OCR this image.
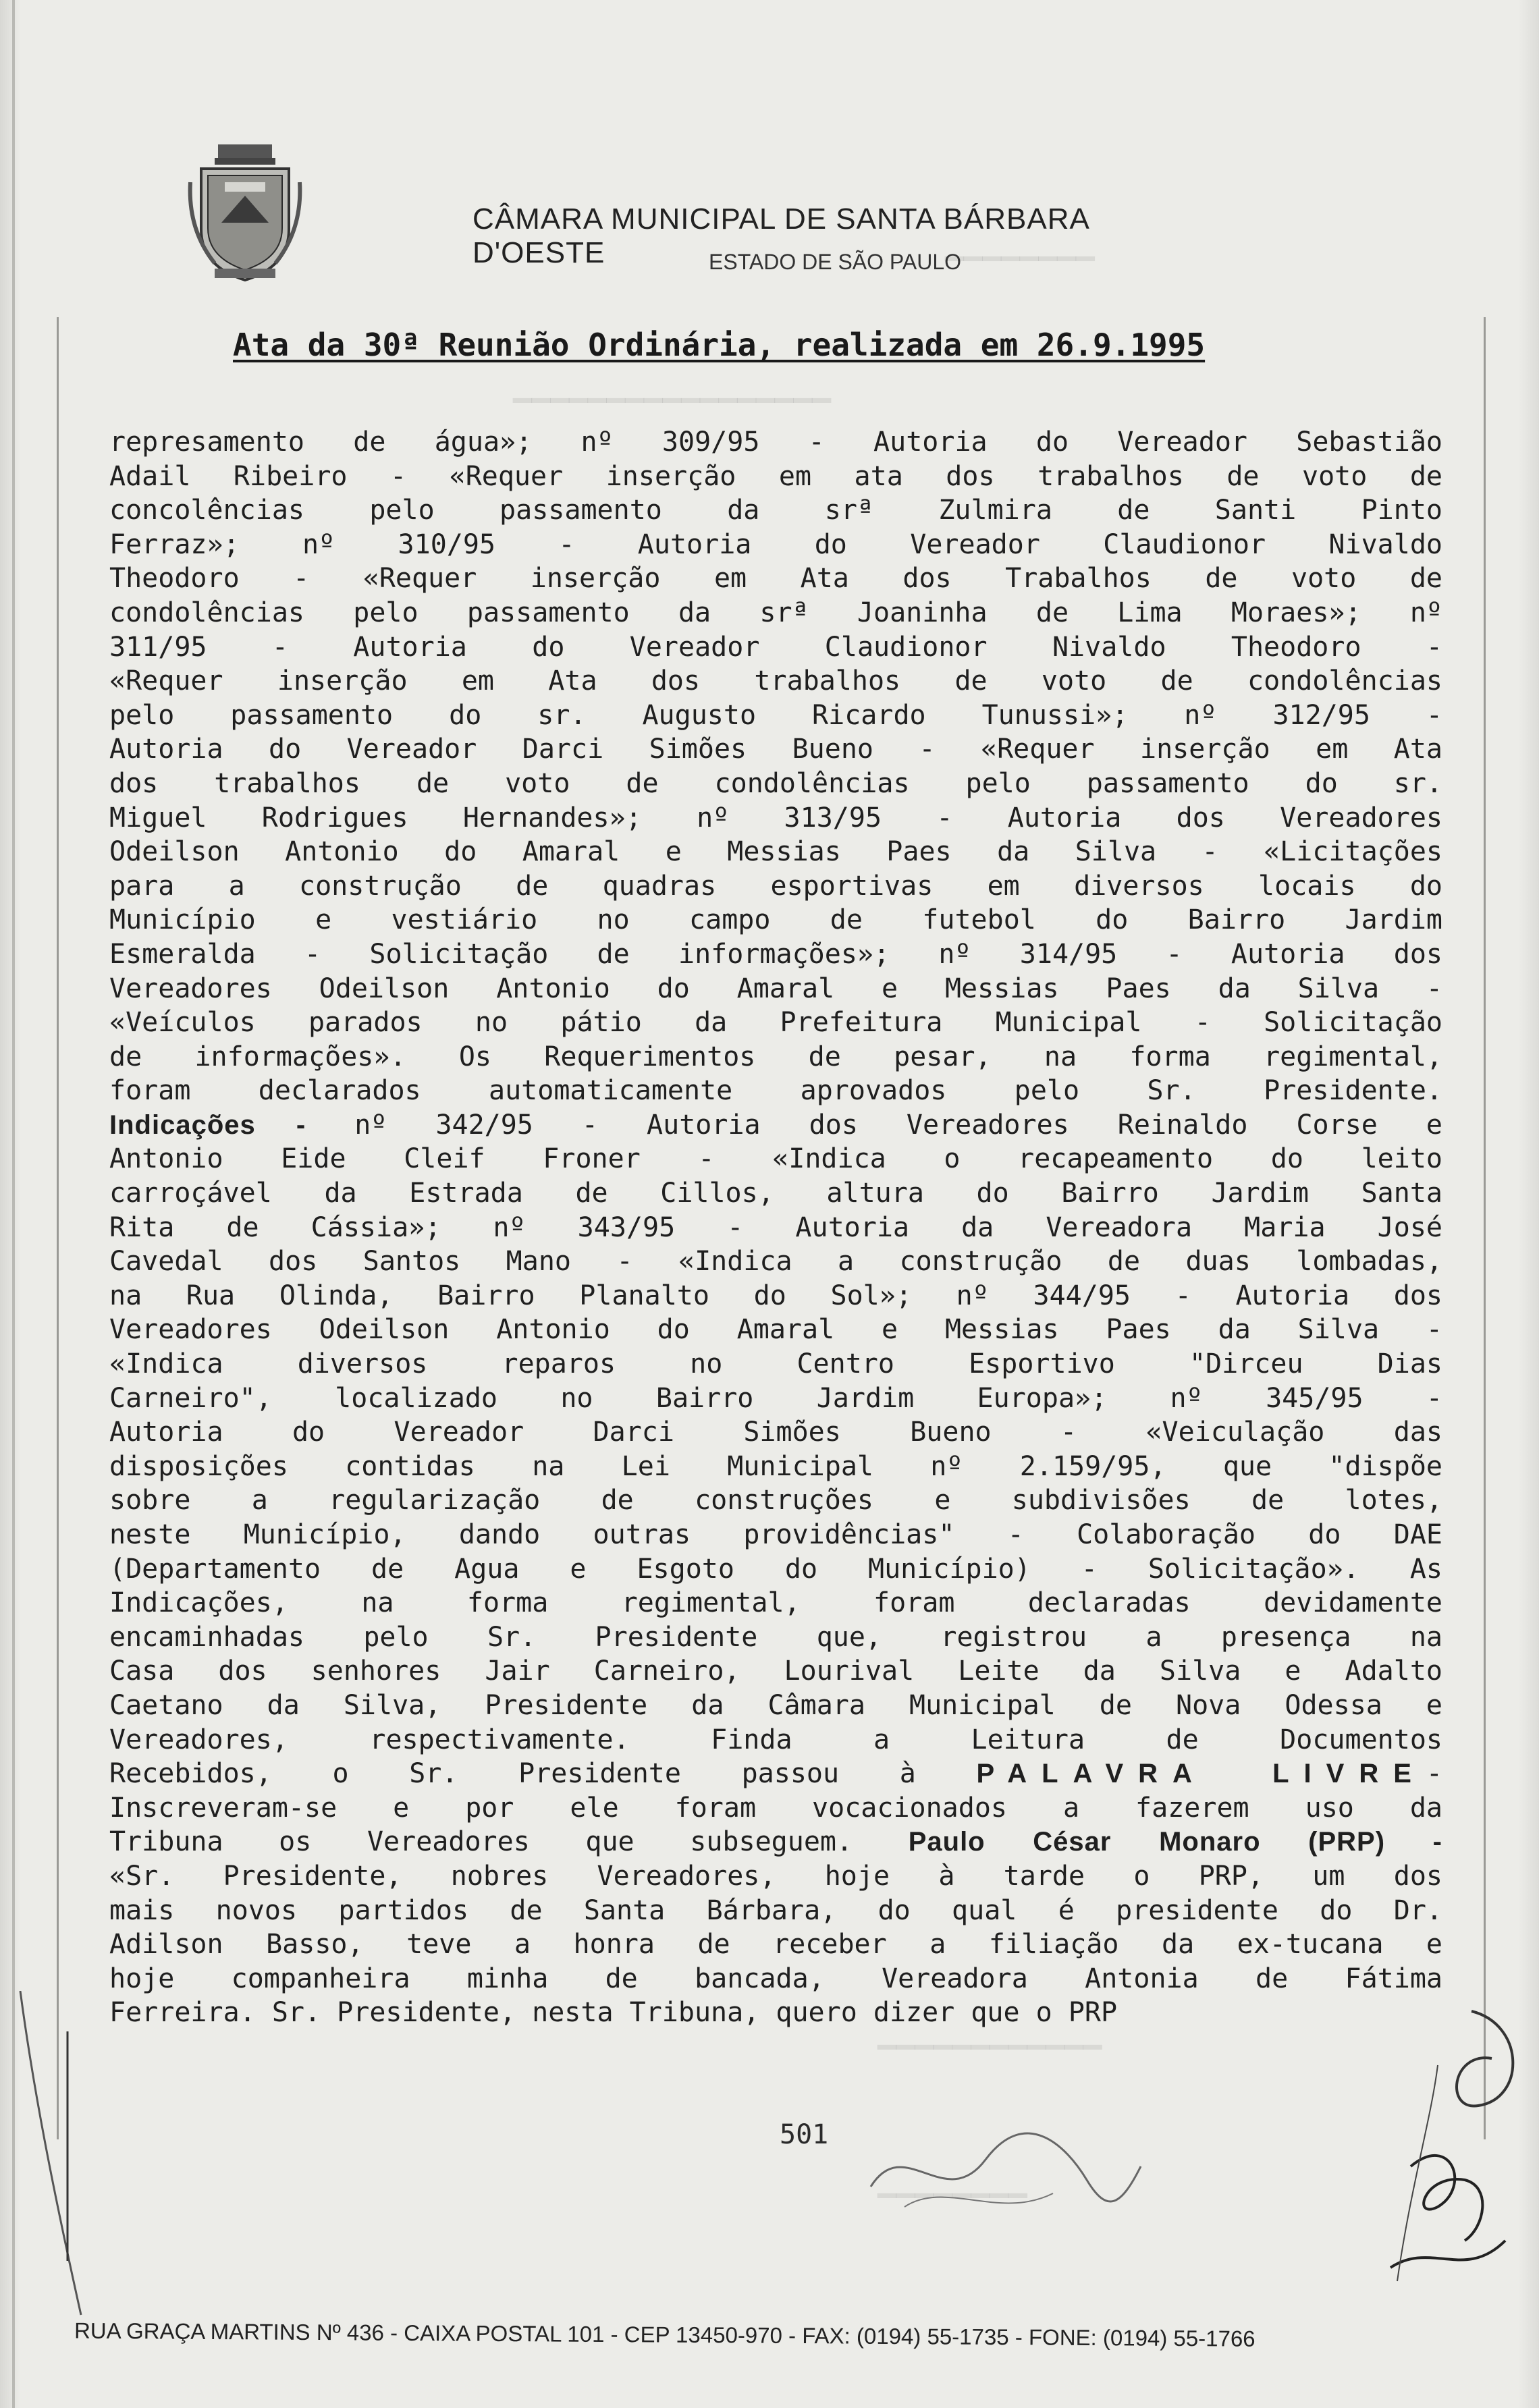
▔▔▔▔▔▔▔▔
▔▔▔▔▔▔▔▔▔▔▔▔▔▔▔▔▔
▔▔▔▔▔▔▔▔▔▔▔▔
▔▔▔▔▔▔▔▔
CÂMARA MUNICIPAL DE SANTA BÁRBARA D'OESTE	ESTADO DE SÃO PAULO
Ata da 30ª Reunião Ordinária, realizada em 26.9.1995

represamento de água»; nº 309/95 - Autoria do Vereador Sebastião

Adail Ribeiro - «Requer inserção em ata dos trabalhos de voto de

concolências pelo passamento da srª Zulmira de Santi Pinto

Ferraz»; nº 310/95 - Autoria do Vereador Claudionor Nivaldo

Theodoro - «Requer inserção em Ata dos Trabalhos de voto de

condolências pelo passamento da srª Joaninha de Lima Moraes»; nº

311/95 - Autoria do Vereador Claudionor Nivaldo Theodoro -

«Requer inserção em Ata dos trabalhos de voto de condolências

pelo passamento do sr. Augusto Ricardo Tunussi»; nº 312/95 -

Autoria do Vereador Darci Simões Bueno - «Requer inserção em Ata

dos trabalhos de voto de condolências pelo passamento do sr.

Miguel Rodrigues Hernandes»; nº 313/95 - Autoria dos Vereadores

Odeilson Antonio do Amaral e Messias Paes da Silva - «Licitações

para a construção de quadras esportivas em diversos locais do

Município e vestiário no campo de futebol do Bairro Jardim

Esmeralda - Solicitação de informações»; nº 314/95 - Autoria dos

Vereadores Odeilson Antonio do Amaral e Messias Paes da Silva -

«Veículos parados no pátio da Prefeitura Municipal - Solicitação

de informações». Os Requerimentos de pesar, na forma regimental,

foram declarados automaticamente aprovados pelo Sr. Presidente.

Indicações - nº 342/95 - Autoria dos Vereadores Reinaldo Corse e

Antonio Eide Cleif Froner - «Indica o recapeamento do leito

carroçável da Estrada de Cillos, altura do Bairro Jardim Santa

Rita de Cássia»; nº 343/95 - Autoria da Vereadora Maria José

Cavedal dos Santos Mano - «Indica a construção de duas lombadas,

na Rua Olinda, Bairro Planalto do Sol»; nº 344/95 - Autoria dos

Vereadores Odeilson Antonio do Amaral e Messias Paes da Silva -

«Indica diversos reparos no Centro Esportivo "Dirceu Dias

Carneiro", localizado no Bairro Jardim Europa»; nº 345/95 -

Autoria do Vereador Darci Simões Bueno - «Veiculação das

disposições contidas na Lei Municipal nº 2.159/95, que "dispõe

sobre a regularização de construções e subdivisões de lotes,

neste Município, dando outras providências" - Colaboração do DAE

(Departamento de Agua e Esgoto do Município) - Solicitação». As

Indicações, na forma regimental, foram declaradas devidamente

encaminhadas pelo Sr. Presidente que, registrou a presença na

Casa dos senhores Jair Carneiro, Lourival Leite da Silva e Adalto

Caetano da Silva, Presidente da Câmara Municipal de Nova Odessa e

Vereadores, respectivamente. Finda a Leitura de Documentos

Recebidos, o Sr. Presidente passou à PALAVRA LIVRE-

Inscreveram-se e por ele foram vocacionados a fazerem uso da

Tribuna os Vereadores que subseguem. Paulo César Monaro (PRP) -

«Sr. Presidente, nobres Vereadores, hoje à tarde o PRP, um dos

mais novos partidos de Santa Bárbara, do qual é presidente do Dr.

Adilson Basso, teve a honra de receber a filiação da ex-tucana e

hoje companheira minha de bancada, Vereadora Antonia de Fátima

Ferreira. Sr. Presidente, nesta Tribuna, quero dizer que o PRP

501
RUA GRAÇA MARTINS Nº 436 - CAIXA POSTAL 101 - CEP 13450-970 - FAX: (0194) 55-1735 - FONE: (0194) 55-1766
